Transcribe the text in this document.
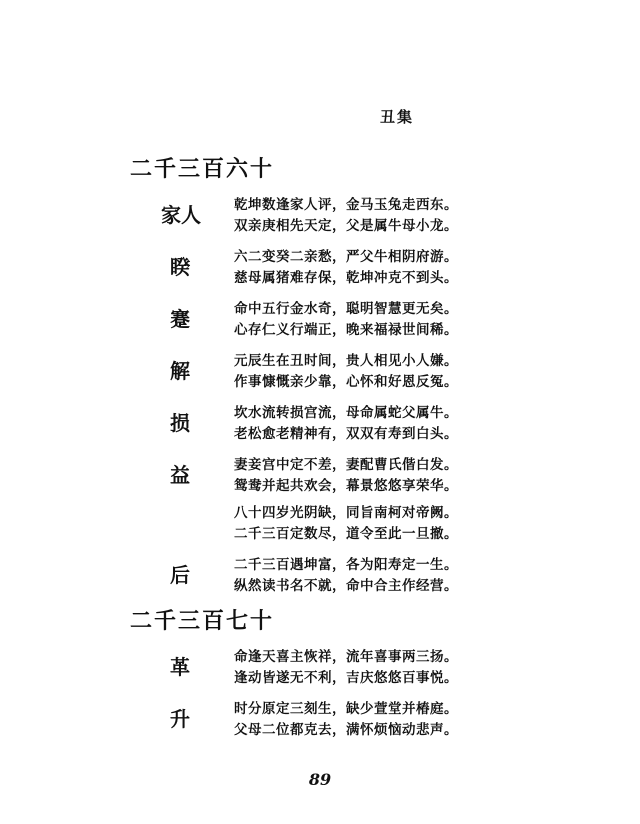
丑集
二千三百六十
家人 乾坤数逢家人评，金马玉兔走西东。
双亲庚相先天定，父是属牛母小龙。
睽	六二变癸二亲愁，严父牛相阴府游。
慈母属猪难存保，乾坤冲克不到头。
蹇	命中五行金水奇，聪明智慧更无矣。
心存仁义行端正，晚来福禄世间稀。
解	元辰生在丑时间，贵人相见小人嫌。
作事慷慨亲少靠，心怀和好恩反冤。
损	坎水流转损宫流，母命属蛇父属牛。
老松愈老精神有，双双有寿到白头。
益	妻妾宫中定不差，妻配曹氏偕白发。
鸳鸯并起共欢会，幕景悠悠享荣华。
八十四岁光阴缺，同旨南柯对帝阙。
二千三百定数尽，道令至此一旦撤。
后	二千三百遇坤富，各为阳寿定一生。
纵然读书名不就，命中合主作经营。
二千三百七十
革	命逢天喜主恢祥，流年喜事两三扬。
逢动皆遂无不利，吉庆悠悠百事悦。
升	时分原定三刻生，缺少萱堂并椿庭。
父母二位都克去，满怀烦恼动悲声。
89
